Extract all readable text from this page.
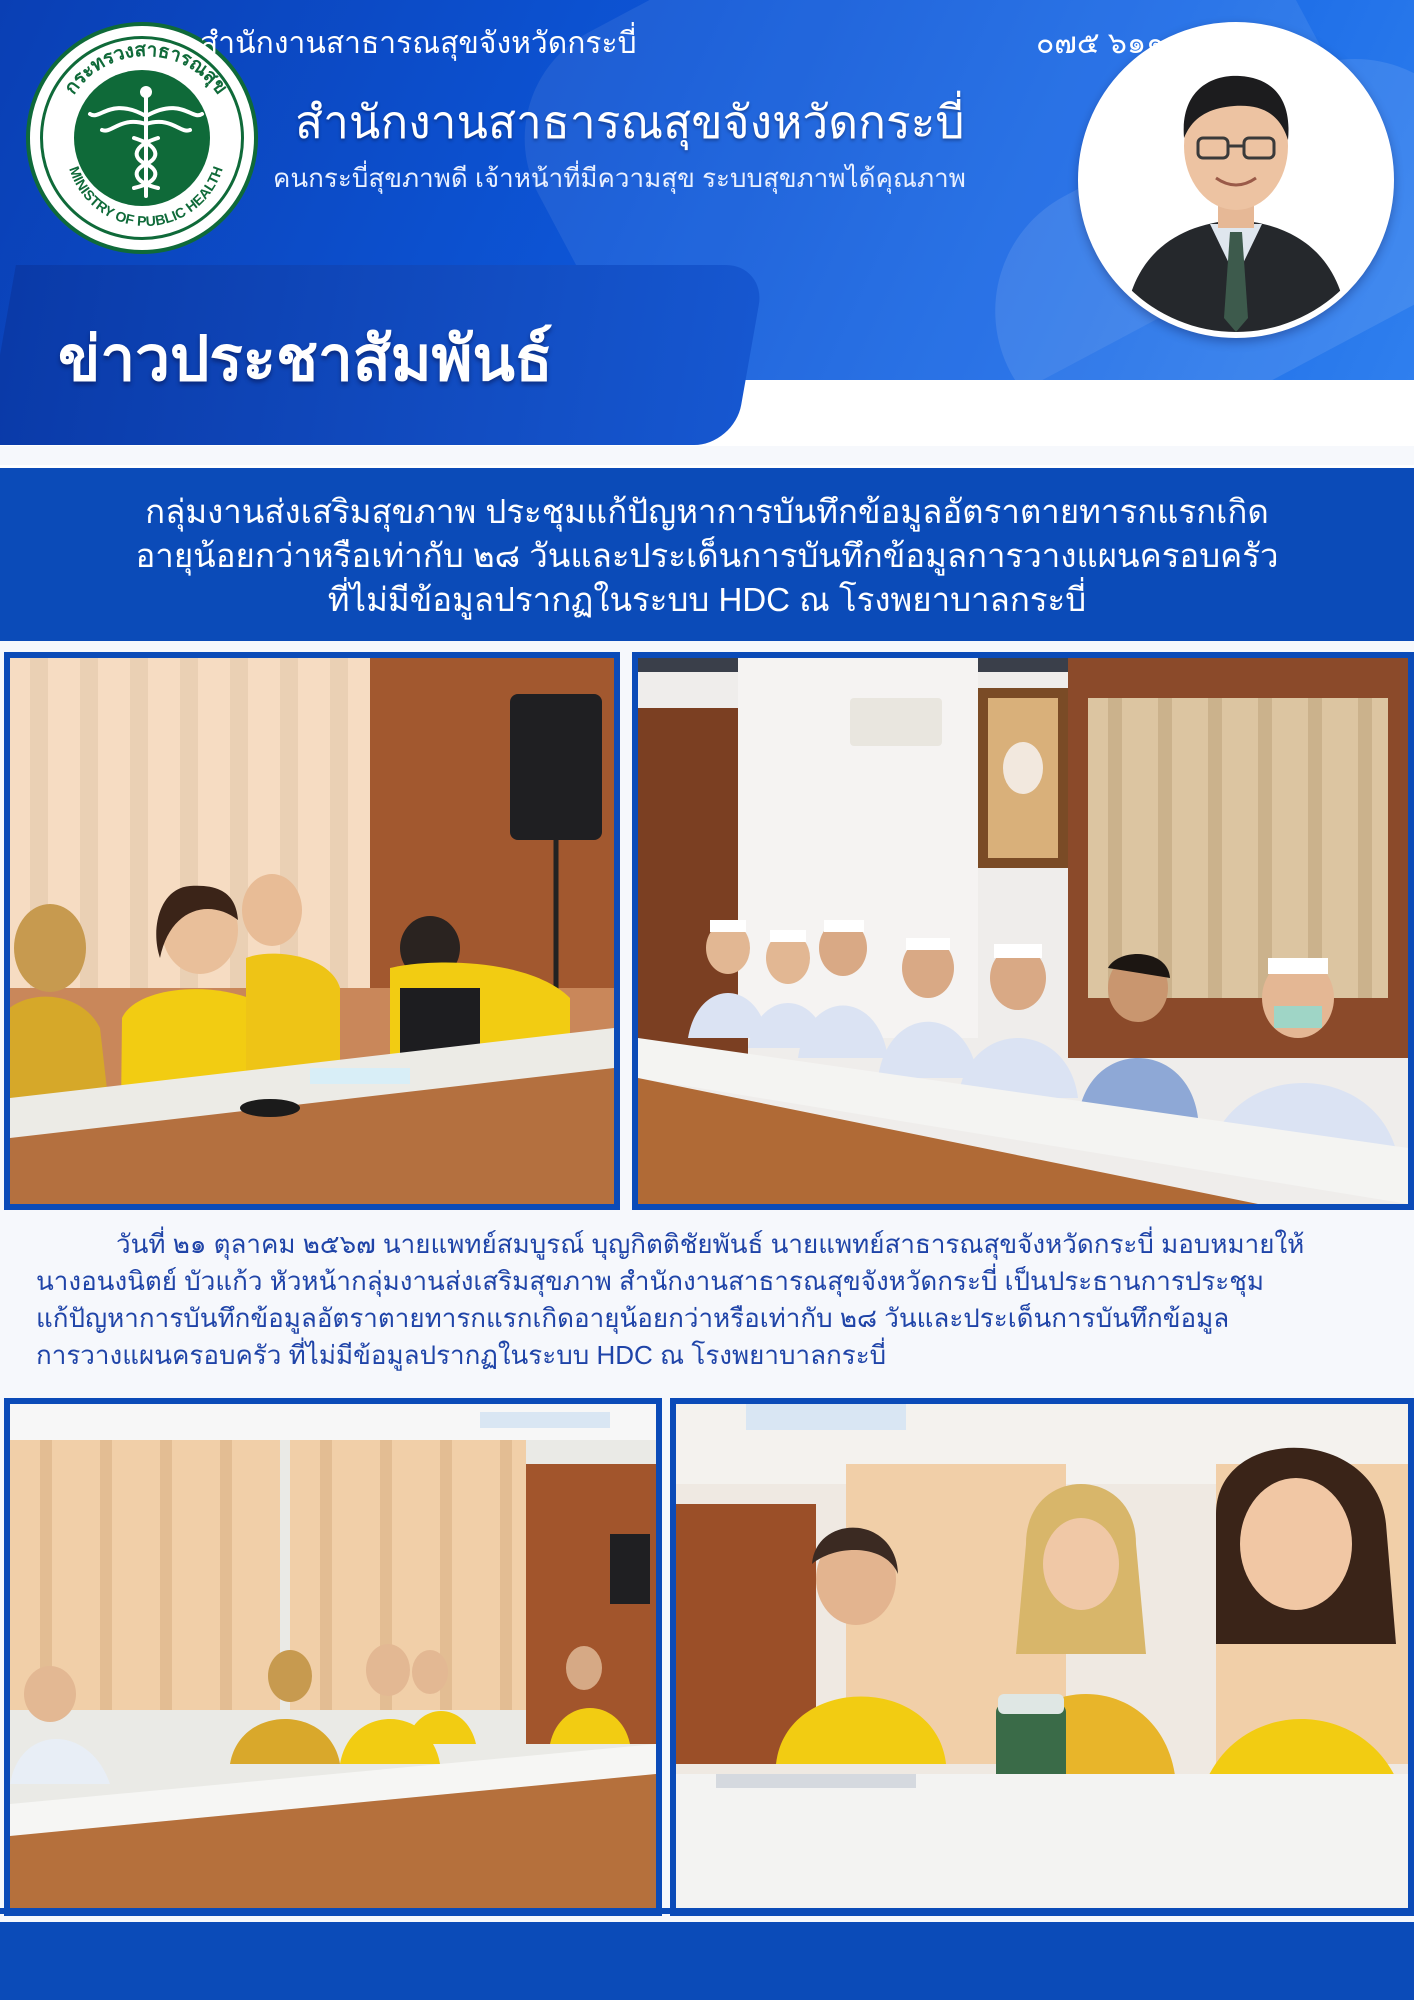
กระทรวงสาธารณสุข
MINISTRY OF PUBLIC HEALTH
สำนักงานสาธารณสุขจังหวัดกระบี่
คนกระบี่สุขภาพดี เจ้าหน้าที่มีความสุข ระบบสุขภาพได้คุณภาพ
ข่าวประชาสัมพันธ์
กลุ่มงานส่งเสริมสุขภาพ ประชุมแก้ปัญหาการบันทึกข้อมูลอัตราตายทารกแรกเกิด
อายุน้อยกว่าหรือเท่ากับ ๒๘ วันและประเด็นการบันทึกข้อมูลการวางแผนครอบครัว
ที่ไม่มีข้อมูลปรากฏในระบบ HDC ณ โรงพยาบาลกระบี่
วันที่ ๒๑ ตุลาคม ๒๕๖๗ นายแพทย์สมบูรณ์ บุญกิตติชัยพันธ์ นายแพทย์สาธารณสุขจังหวัดกระบี่ มอบหมายให้
นางอนงนิตย์ บัวแก้ว หัวหน้ากลุ่มงานส่งเสริมสุขภาพ สำนักงานสาธารณสุขจังหวัดกระบี่ เป็นประธานการประชุม
แก้ปัญหาการบันทึกข้อมูลอัตราตายทารกแรกเกิดอายุน้อยกว่าหรือเท่ากับ ๒๘ วันและประเด็นการบันทึกข้อมูล
การวางแผนครอบครัว ที่ไม่มีข้อมูลปรากฏในระบบ HDC ณ โรงพยาบาลกระบี่
สำนักงานสาธารณสุขจังหวัดกระบี่	๐๗๕ ๖๑๑ ๐๑๒
